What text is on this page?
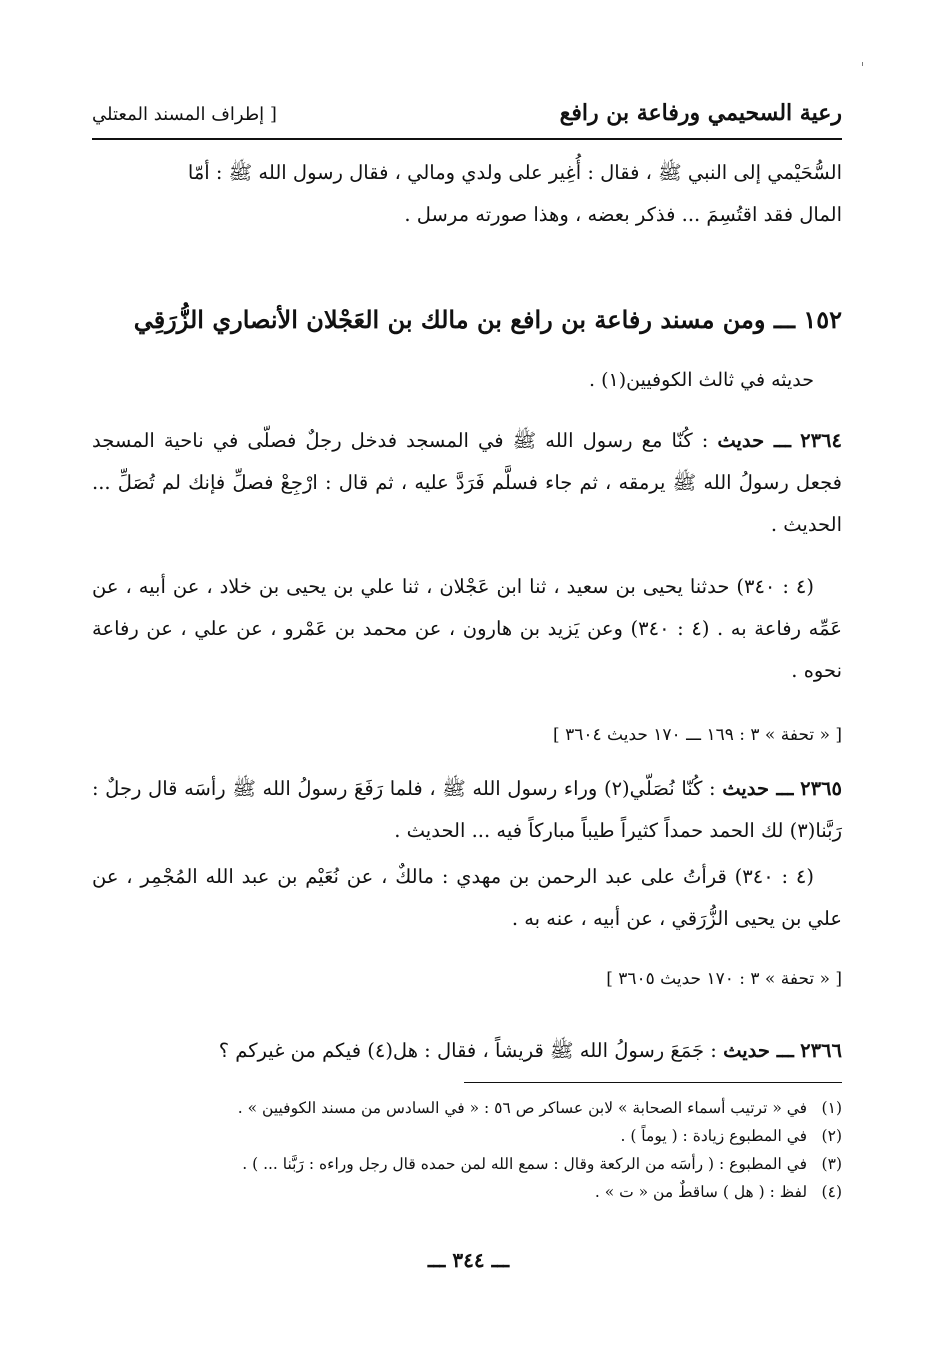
رعية السحيمي ورفاعة بن رافع
[ إطراف المسند المعتلي

السُّحَيْمي إلى النبي ﷺ ، فقال : أُغِير على ولدي ومالي ، فقال رسول الله ﷺ : أمّا

المال فقد اقتُسِمَ ... فذكر بعضه ، وهذا صورته مرسل .

١٥٢ ـــ ومن مسند رفاعة بن رافع بن مالك بن العَجْلان الأنصاري الزُّرَقِي

حديثه في ثالث الكوفيين(١) .

٢٣٦٤ ـــ حديث : كُنّا مع رسول الله ﷺ في المسجد فدخل رجلٌ فصلّى في ناحية المسجد فجعل رسولُ الله ﷺ يرمقه ، ثم جاء فسلَّم فَرَدَّ عليه ، ثم قال : ارْجِعْ فصلِّ فإنك لم تُصَلِّ ... الحديث .

(٤ : ٣٤٠) حدثنا يحيى بن سعيد ، ثنا ابن عَجْلان ، ثنا علي بن يحيى بن خلاد ، عن أبيه ، عن عَمِّه رفاعة به . (٤ : ٣٤٠) وعن يَزيد بن هارون ، عن محمد بن عَمْرو ، عن علي ، عن رفاعة نحوه .

[ « تحفة » ٣ : ١٦٩ ـــ ١٧٠ حديث ٣٦٠٤ ]

٢٣٦٥ ـــ حديث : كُنّا نُصَلّي(٢) وراء رسول الله ﷺ ، فلما رَفَعَ رسولُ الله ﷺ رأسَه قال رجلٌ : رَبَّنا(٣) لك الحمد حمداً كثيراً طيباً مباركاً فيه ... الحديث .

(٤ : ٣٤٠) قرأتُ على عبد الرحمن بن مهدي : مالكٌ ، عن نُعَيْم بن عبد الله المُجْمِر ، عن علي بن يحيى الزُّرَقي ، عن أبيه ، عنه به .

[ « تحفة » ٣ : ١٧٠ حديث ٣٦٠٥ ]

٢٣٦٦ ـــ حديث : جَمَعَ رسولُ الله ﷺ قريشاً ، فقال : هل(٤) فيكم من غيركم ؟

(١) في « ترتيب أسماء الصحابة » لابن عساكر ص ٥٦ : « في السادس من مسند الكوفيين » .
(٢) في المطبوع زيادة : ( يوماً ) .
(٣) في المطبوع : ( رأسَه من الركعة وقال : سمع الله لمن حمده قال رجل وراءه : رَبَّنا ... ) .
(٤) لفظ : ( هل ) ساقطٌ من « ت » .
ـــ ٣٤٤ ـــ
